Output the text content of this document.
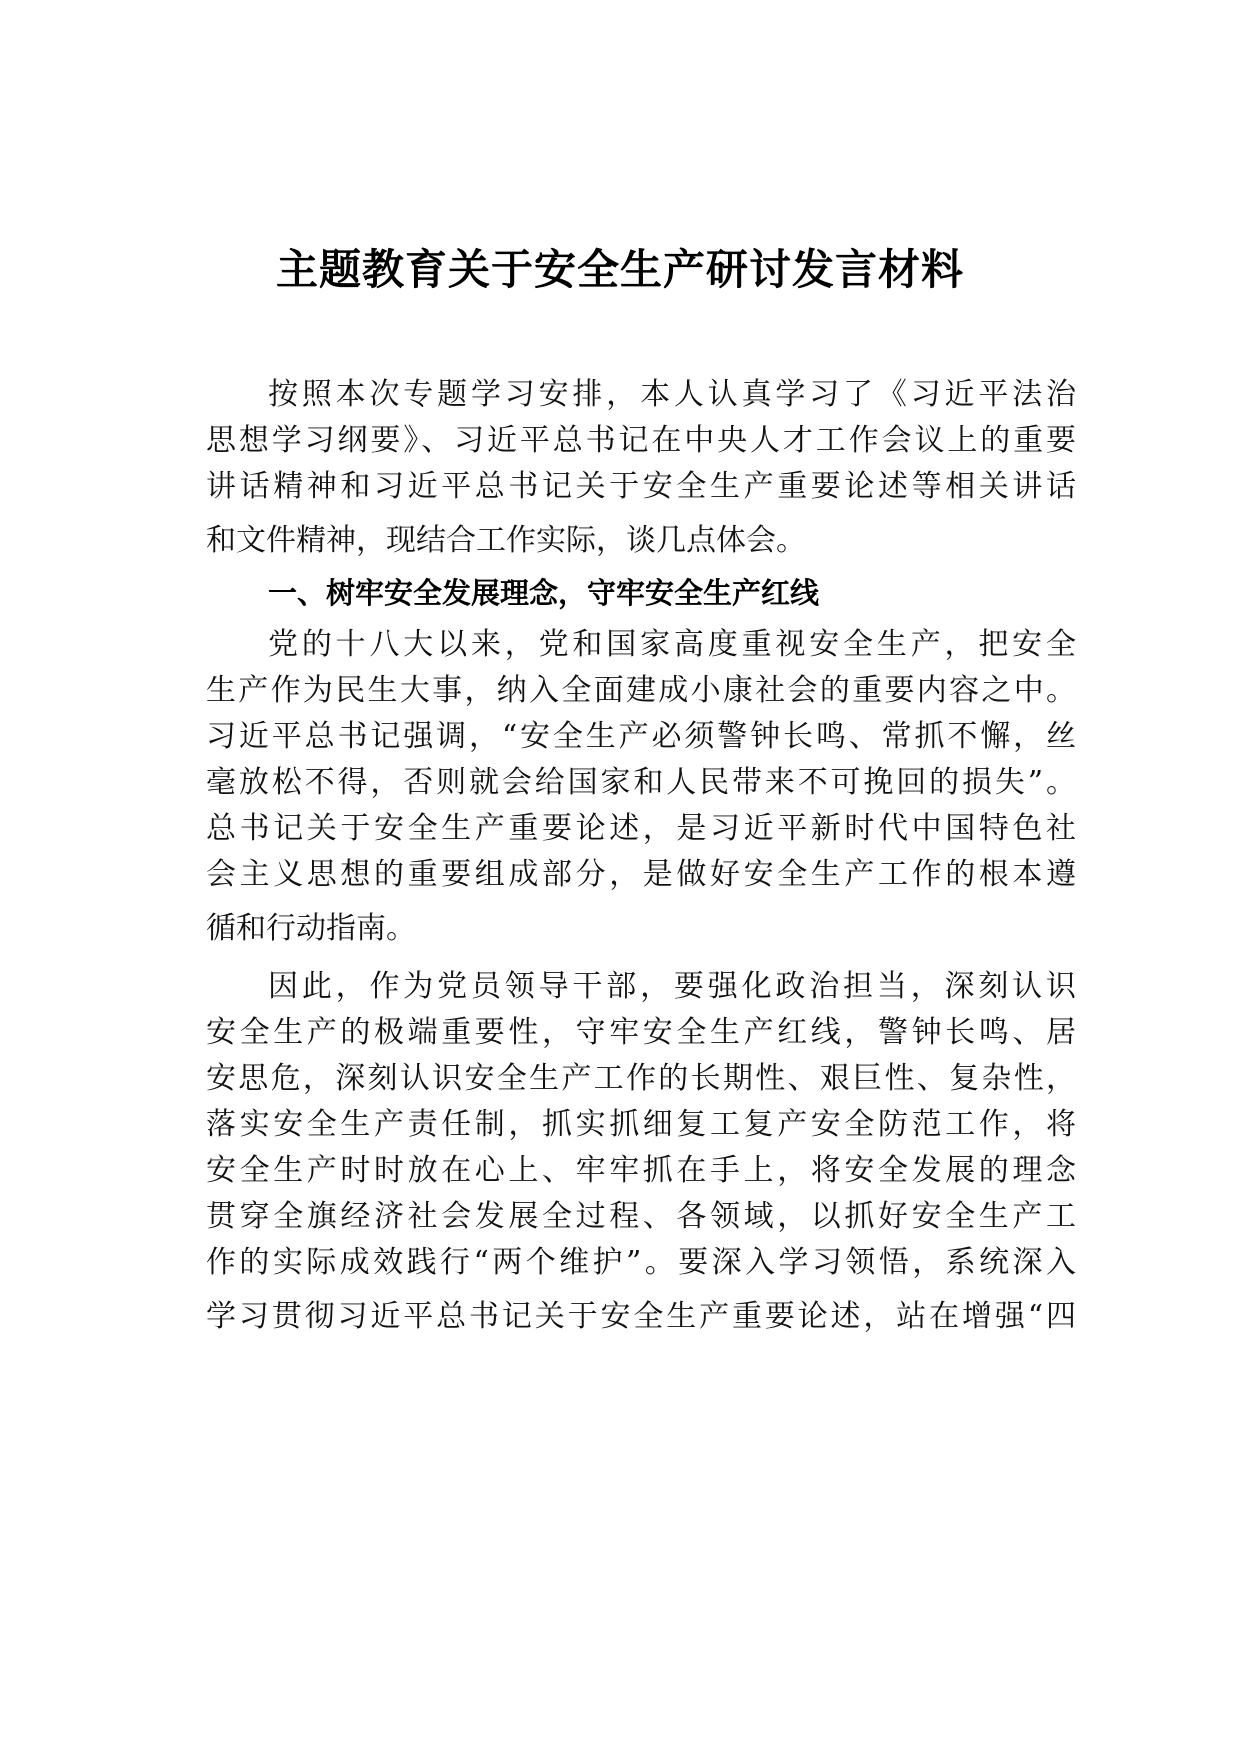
主题教育关于安全生产研讨发言材料
按照本次专题学习安排，本人认真学习了《习近平法治
思想学习纲要》、习近平总书记在中央人才工作会议上的重要
讲话精神和习近平总书记关于安全生产重要论述等相关讲话
和文件精神，现结合工作实际，谈几点体会。
一、树牢安全发展理念，守牢安全生产红线
党的十八大以来，党和国家高度重视安全生产，把安全
生产作为民生大事，纳入全面建成小康社会的重要内容之中。
习近平总书记强调，“安全生产必须警钟长鸣、常抓不懈，丝
毫放松不得，否则就会给国家和人民带来不可挽回的损失”。
总书记关于安全生产重要论述，是习近平新时代中国特色社
会主义思想的重要组成部分，是做好安全生产工作的根本遵
循和行动指南。
因此，作为党员领导干部，要强化政治担当，深刻认识
安全生产的极端重要性，守牢安全生产红线，警钟长鸣、居
安思危，深刻认识安全生产工作的长期性、艰巨性、复杂性，
落实安全生产责任制，抓实抓细复工复产安全防范工作，将
安全生产时时放在心上、牢牢抓在手上，将安全发展的理念
贯穿全旗经济社会发展全过程、各领域，以抓好安全生产工
作的实际成效践行“两个维护”。要深入学习领悟，系统深入
学习贯彻习近平总书记关于安全生产重要论述，站在增强“四
